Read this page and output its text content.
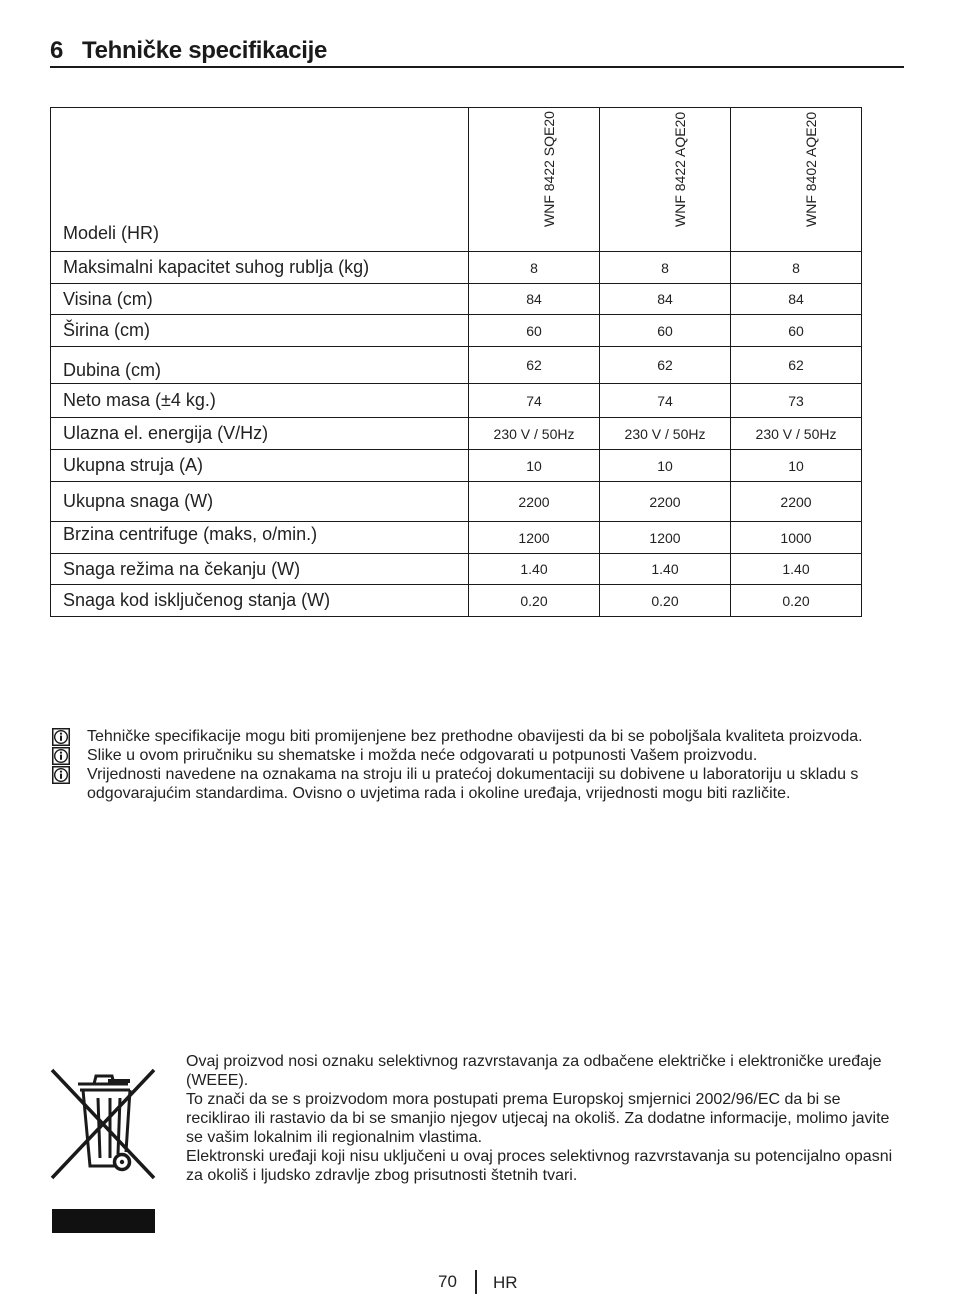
6 Tehničke specifikacije
Modeli (HR)	WNF 8422 SQE20	WNF 8422 AQE20	WNF 8402 AQE20

Maksimalni kapacitet suhog rublja (kg)	8	8	8
Visina (cm)	84	84	84
Širina (cm)	60	60	60
Dubina (cm)	62	62	62
Neto masa (±4 kg.)	74	74	73
Ulazna el. energija (V/Hz)	230 V / 50Hz	230 V / 50Hz	230 V / 50Hz
Ukupna struja (A)	10	10	10
Ukupna snaga (W)	2200	2200	2200
Brzina centrifuge (maks, o/min.)	1200	1200	1000
Snaga režima na čekanju (W)	1.40	1.40	1.40
Snaga kod isključenog stanja (W)	0.20	0.20	0.20
Tehničke specifikacije mogu biti promijenjene bez prethodne obavijesti da bi se poboljšala kvaliteta proizvoda.
Slike u ovom priručniku su shematske i možda neće odgovarati u potpunosti Vašem proizvodu.
Vrijednosti navedene na oznakama na stroju ili u pratećoj dokumentaciji su dobivene u laboratoriju u skladu s odgovarajućim standardima. Ovisno o uvjetima rada i okoline uređaja, vrijednosti mogu biti različite.
Ovaj proizvod nosi oznaku selektivnog razvrstavanja za odbačene električke i elektroničke uređaje (WEEE).
To znači da se s proizvodom mora postupati prema Europskoj smjernici 2002/96/EC da bi se reciklirao ili rastavio da bi se smanjio njegov utjecaj na okoliš. Za dodatne informacije, molimo javite se vašim lokalnim ili regionalnim vlastima.
Elektronski uređaji koji nisu uključeni u ovaj proces selektivnog razvrstavanja su potencijalno opasni za okoliš i ljudsko zdravlje zbog prisutnosti štetnih tvari.
70 HR
